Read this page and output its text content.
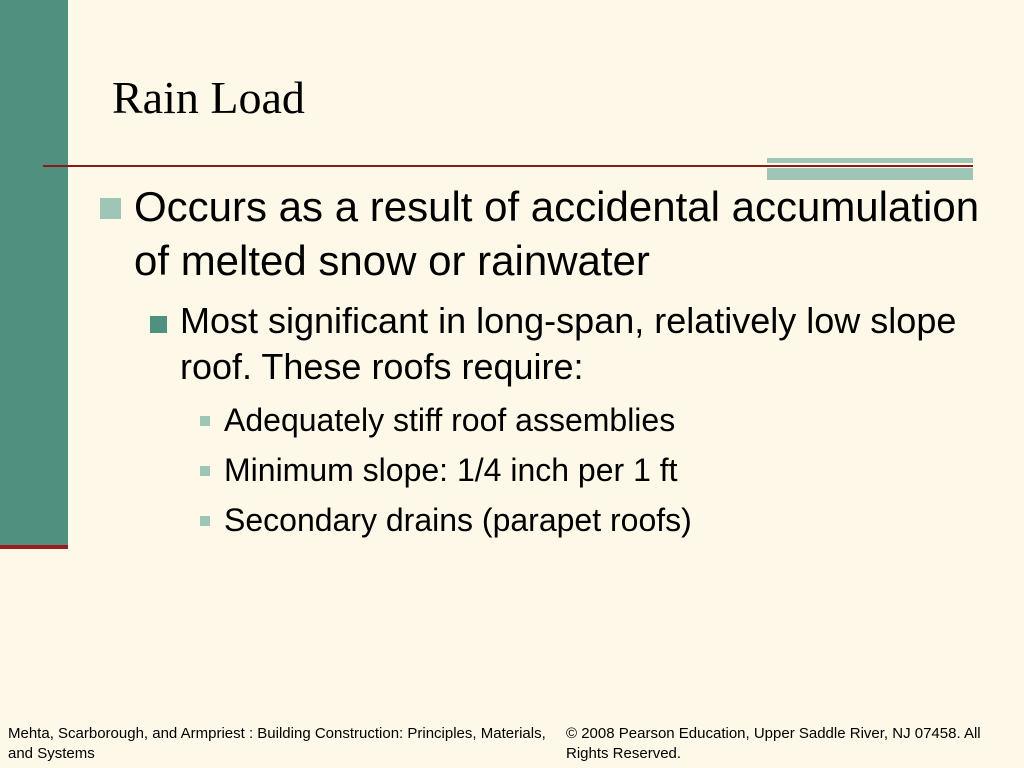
Rain Load
Occurs as a result of accidental accumulation of melted snow or rainwater
Most significant in long-span, relatively low slope roof. These roofs require:
Adequately stiff roof assemblies
Minimum slope: 1/4 inch per 1 ft
Secondary drains (parapet roofs)
Mehta, Scarborough, and Armpriest : Building Construction: Principles, Materials, and Systems
© 2008 Pearson Education, Upper Saddle River, NJ 07458. All Rights Reserved.
